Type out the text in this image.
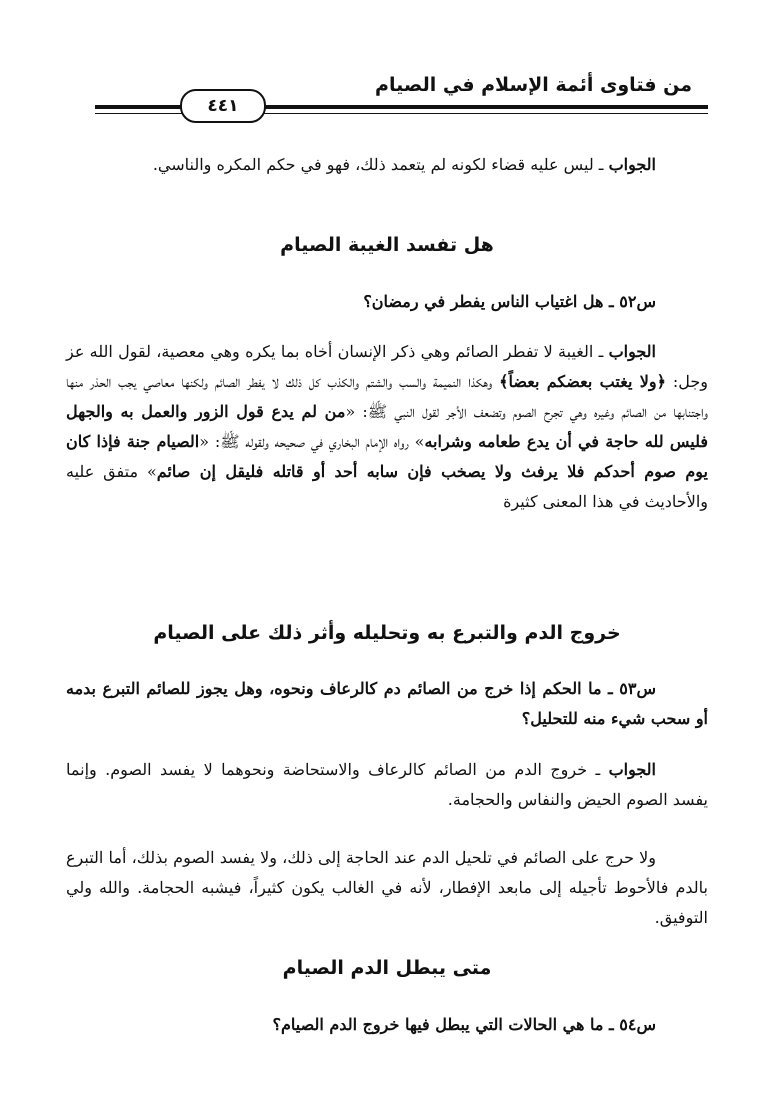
من فتاوى أئمة الإسلام في الصيام
٤٤١
الجواب ـ ليس عليه قضاء لكونه لم يتعمد ذلك، فهو في حكم المكره والناسي.
هل تفسد الغيبة الصيام
س٥٢ ـ هل اغتياب الناس يفطر في رمضان؟
الجواب ـ الغيبة لا تفطر الصائم وهي ذكر الإنسان أخاه بما يكره وهي معصية، لقول الله عز وجل: ﴿ولا يغتب بعضكم بعضاً﴾ وهكذا النميمة والسب والشتم والكذب كل ذلك لا يفطر الصائم ولكنها معاصي يجب الحذر منها واجتنابها من الصائم وغيره وهي تجرح الصوم وتضعف الأجر لقول النبي ﷺ: «من لم يدع قول الزور والعمل به والجهل فليس لله حاجة في أن يدع طعامه وشرابه» رواه الإمام البخاري في صحيحه ولقوله ﷺ: «الصيام جنة فإذا كان يوم صوم أحدكم فلا يرفث ولا يصخب فإن سابه أحد أو قاتله فليقل إن صائم» متفق عليه والأحاديث في هذا المعنى كثيرة
خروج الدم والتبرع به وتحليله وأثر ذلك على الصيام
س٥٣ ـ ما الحكم إذا خرج من الصائم دم كالرعاف ونحوه، وهل يجوز للصائم التبرع بدمه أو سحب شيء منه للتحليل؟
الجواب ـ خروج الدم من الصائم كالرعاف والاستحاضة ونحوهما لا يفسد الصوم. وإنما يفسد الصوم الحيض والنفاس والحجامة.
ولا حرج على الصائم في تلحيل الدم عند الحاجة إلى ذلك، ولا يفسد الصوم بذلك، أما التبرع بالدم فالأحوط تأجيله إلى مابعد الإفطار، لأنه في الغالب يكون كثيراً، فيشبه الحجامة. والله ولي التوفيق.
متى يبطل الدم الصيام
س٥٤ ـ ما هي الحالات التي يبطل فيها خروج الدم الصيام؟
